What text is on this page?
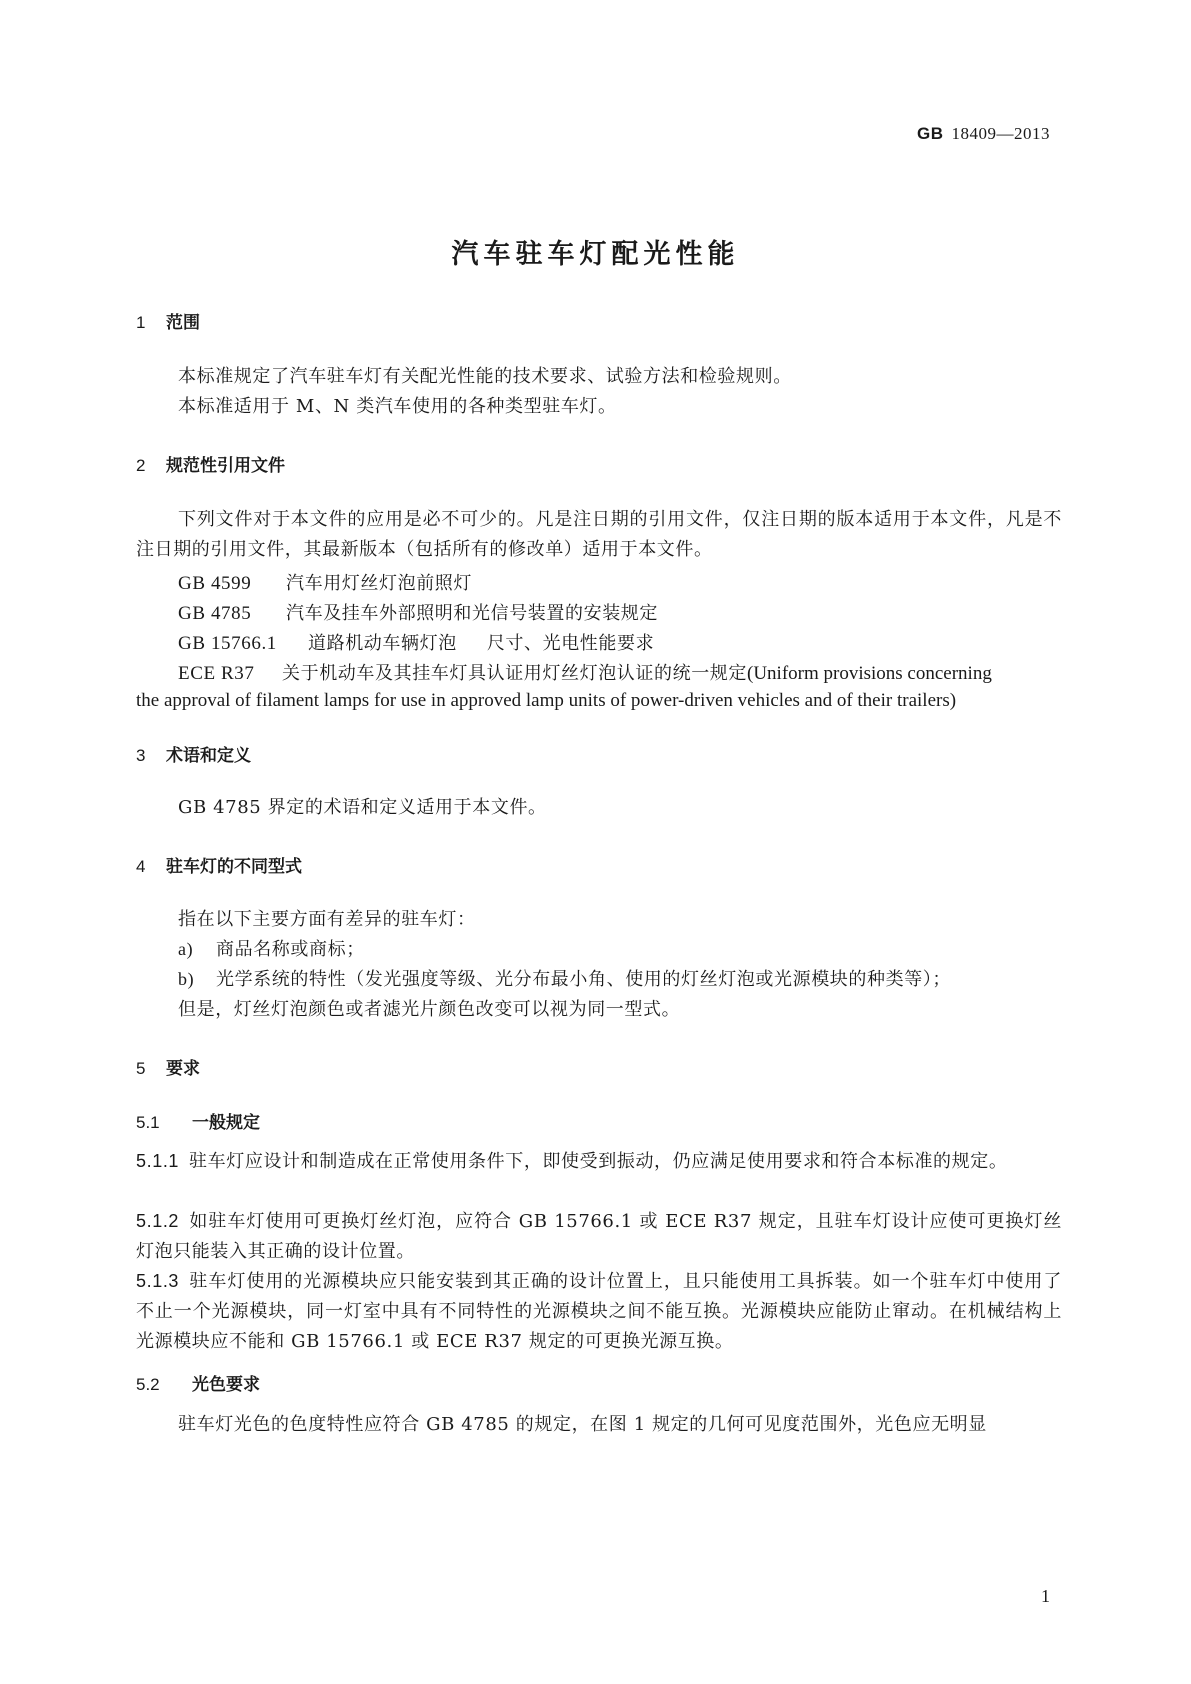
GB 18409—2013
汽车驻车灯配光性能
1 范围
本标准规定了汽车驻车灯有关配光性能的技术要求、试验方法和检验规则。
本标准适用于 M、N 类汽车使用的各种类型驻车灯。
2 规范性引用文件
下列文件对于本文件的应用是必不可少的。凡是注日期的引用文件，仅注日期的版本适用于本文件，凡是不注日期的引用文件，其最新版本（包括所有的修改单）适用于本文件。
GB 4599 汽车用灯丝灯泡前照灯
GB 4785 汽车及挂车外部照明和光信号装置的安装规定
GB 15766.1 道路机动车辆灯泡 尺寸、光电性能要求
ECE R37 关于机动车及其挂车灯具认证用灯丝灯泡认证的统一规定(Uniform provisions concerning
the approval of filament lamps for use in approved lamp units of power-driven vehicles and of their trailers)
3 术语和定义
GB 4785 界定的术语和定义适用于本文件。
4 驻车灯的不同型式
指在以下主要方面有差异的驻车灯：
a) 商品名称或商标；
b) 光学系统的特性（发光强度等级、光分布最小角、使用的灯丝灯泡或光源模块的种类等）；
但是，灯丝灯泡颜色或者滤光片颜色改变可以视为同一型式。
5 要求
5.1 一般规定
5.1.1 驻车灯应设计和制造成在正常使用条件下，即使受到振动，仍应满足使用要求和符合本标准的规定。
5.1.2 如驻车灯使用可更换灯丝灯泡，应符合 GB 15766.1 或 ECE R37 规定，且驻车灯设计应使可更换灯丝灯泡只能装入其正确的设计位置。
5.1.3 驻车灯使用的光源模块应只能安装到其正确的设计位置上，且只能使用工具拆装。如一个驻车灯中使用了不止一个光源模块，同一灯室中具有不同特性的光源模块之间不能互换。光源模块应能防止窜动。在机械结构上光源模块应不能和 GB 15766.1 或 ECE R37 规定的可更换光源互换。
5.2 光色要求
驻车灯光色的色度特性应符合 GB 4785 的规定，在图 1 规定的几何可见度范围外，光色应无明显
1
